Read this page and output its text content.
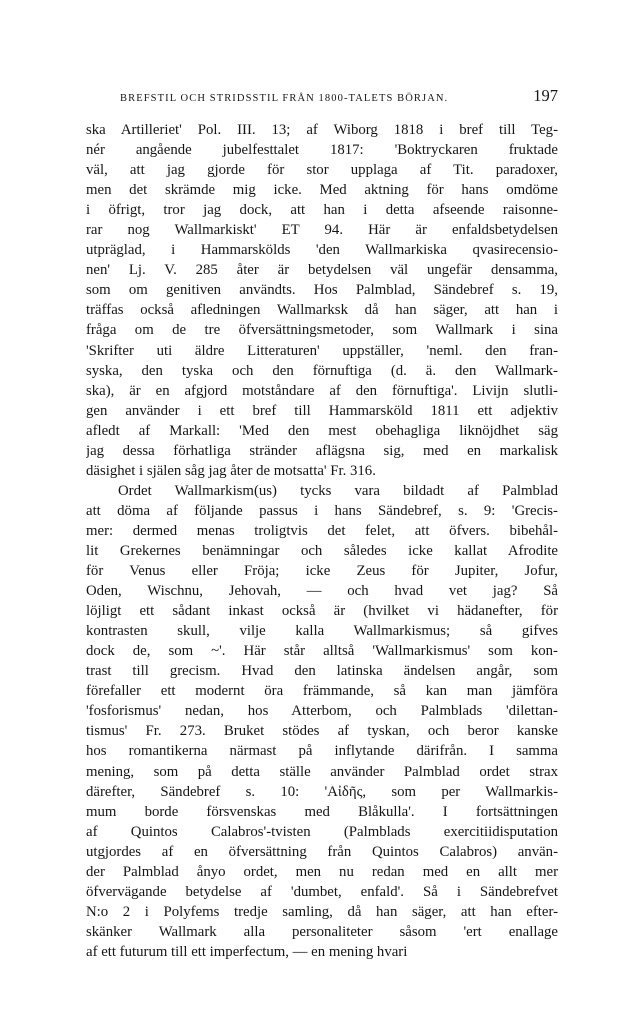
BREFSTIL OCH STRIDSSTIL FRÅN 1800-TALETS BÖRJAN.	197
ska Artilleriet' Pol. III. 13; af Wiborg 1818 i bref till Teg-
nér angående jubelfesttalet 1817: 'Boktryckaren fruktade
väl, att jag gjorde för stor upplaga af Tit. paradoxer,
men det skrämde mig icke. Med aktning för hans omdöme
i öfrigt, tror jag dock, att han i detta afseende raisonne-
rar nog Wallmarkiskt' ET 94. Här är enfaldsbetydelsen
utpräglad, i Hammarskölds 'den Wallmarkiska qvasirecensio-
nen' Lj. V. 285 åter är betydelsen väl ungefär densamma,
som om genitiven användts. Hos Palmblad, Sändebref s. 19,
träffas också afledningen Wallmarksk då han säger, att han i
fråga om de tre öfversättningsmetoder, som Wallmark i sina
'Skrifter uti äldre Litteraturen' uppställer, 'neml. den fran-
syska, den tyska och den förnuftiga (d. ä. den Wallmark-
ska), är en afgjord motståndare af den förnuftiga'. Livijn slutli-
gen använder i ett bref till Hammarsköld 1811 ett adjektiv
afledt af Markall: 'Med den mest obehagliga liknöjdhet säg
jag dessa förhatliga stränder aflägsna sig, med en markalisk
däsighet i själen såg jag åter de motsatta' Fr. 316.
Ordet Wallmarkism(us) tycks vara bildadt af Palmblad
att döma af följande passus i hans Sändebref, s. 9: 'Grecis-
mer: dermed menas troligtvis det felet, att öfvers. bibehål-
lit Grekernes benämningar och således icke kallat Afrodite
för Venus eller Fröja; icke Zeus för Jupiter, Jofur,
Oden, Wischnu, Jehovah, — och hvad vet jag? Så
löjligt ett sådant inkast också är (hvilket vi hädanefter, för
kontrasten skull, vilje kalla Wallmarkismus; så gifves
dock de, som ~'. Här står alltså 'Wallmarkismus' som kon-
trast till grecism. Hvad den latinska ändelsen angår, som
förefaller ett modernt öra främmande, så kan man jämföra
'fosforismus' nedan, hos Atterbom, och Palmblads 'dilettan-
tismus' Fr. 273. Bruket stödes af tyskan, och beror kanske
hos romantikerna närmast på inflytande därifrån. I samma
mening, som på detta ställe använder Palmblad ordet strax
därefter, Sändebref s. 10: 'Αἰδῆς, som per Wallmarkis-
mum borde försvenskas med Blåkulla'. I fortsättningen
af Quintos Calabros'-tvisten (Palmblads exercitiidisputation
utgjordes af en öfversättning från Quintos Calabros) använ-
der Palmblad ånyo ordet, men nu redan med en allt mer
öfvervägande betydelse af 'dumbet, enfald'. Så i Sändebrefvet
N:o 2 i Polyfems tredje samling, då han säger, att han efter-
skänker Wallmark alla personaliteter såsom 'ert enallage
af ett futurum till ett imperfectum, — en mening hvari
